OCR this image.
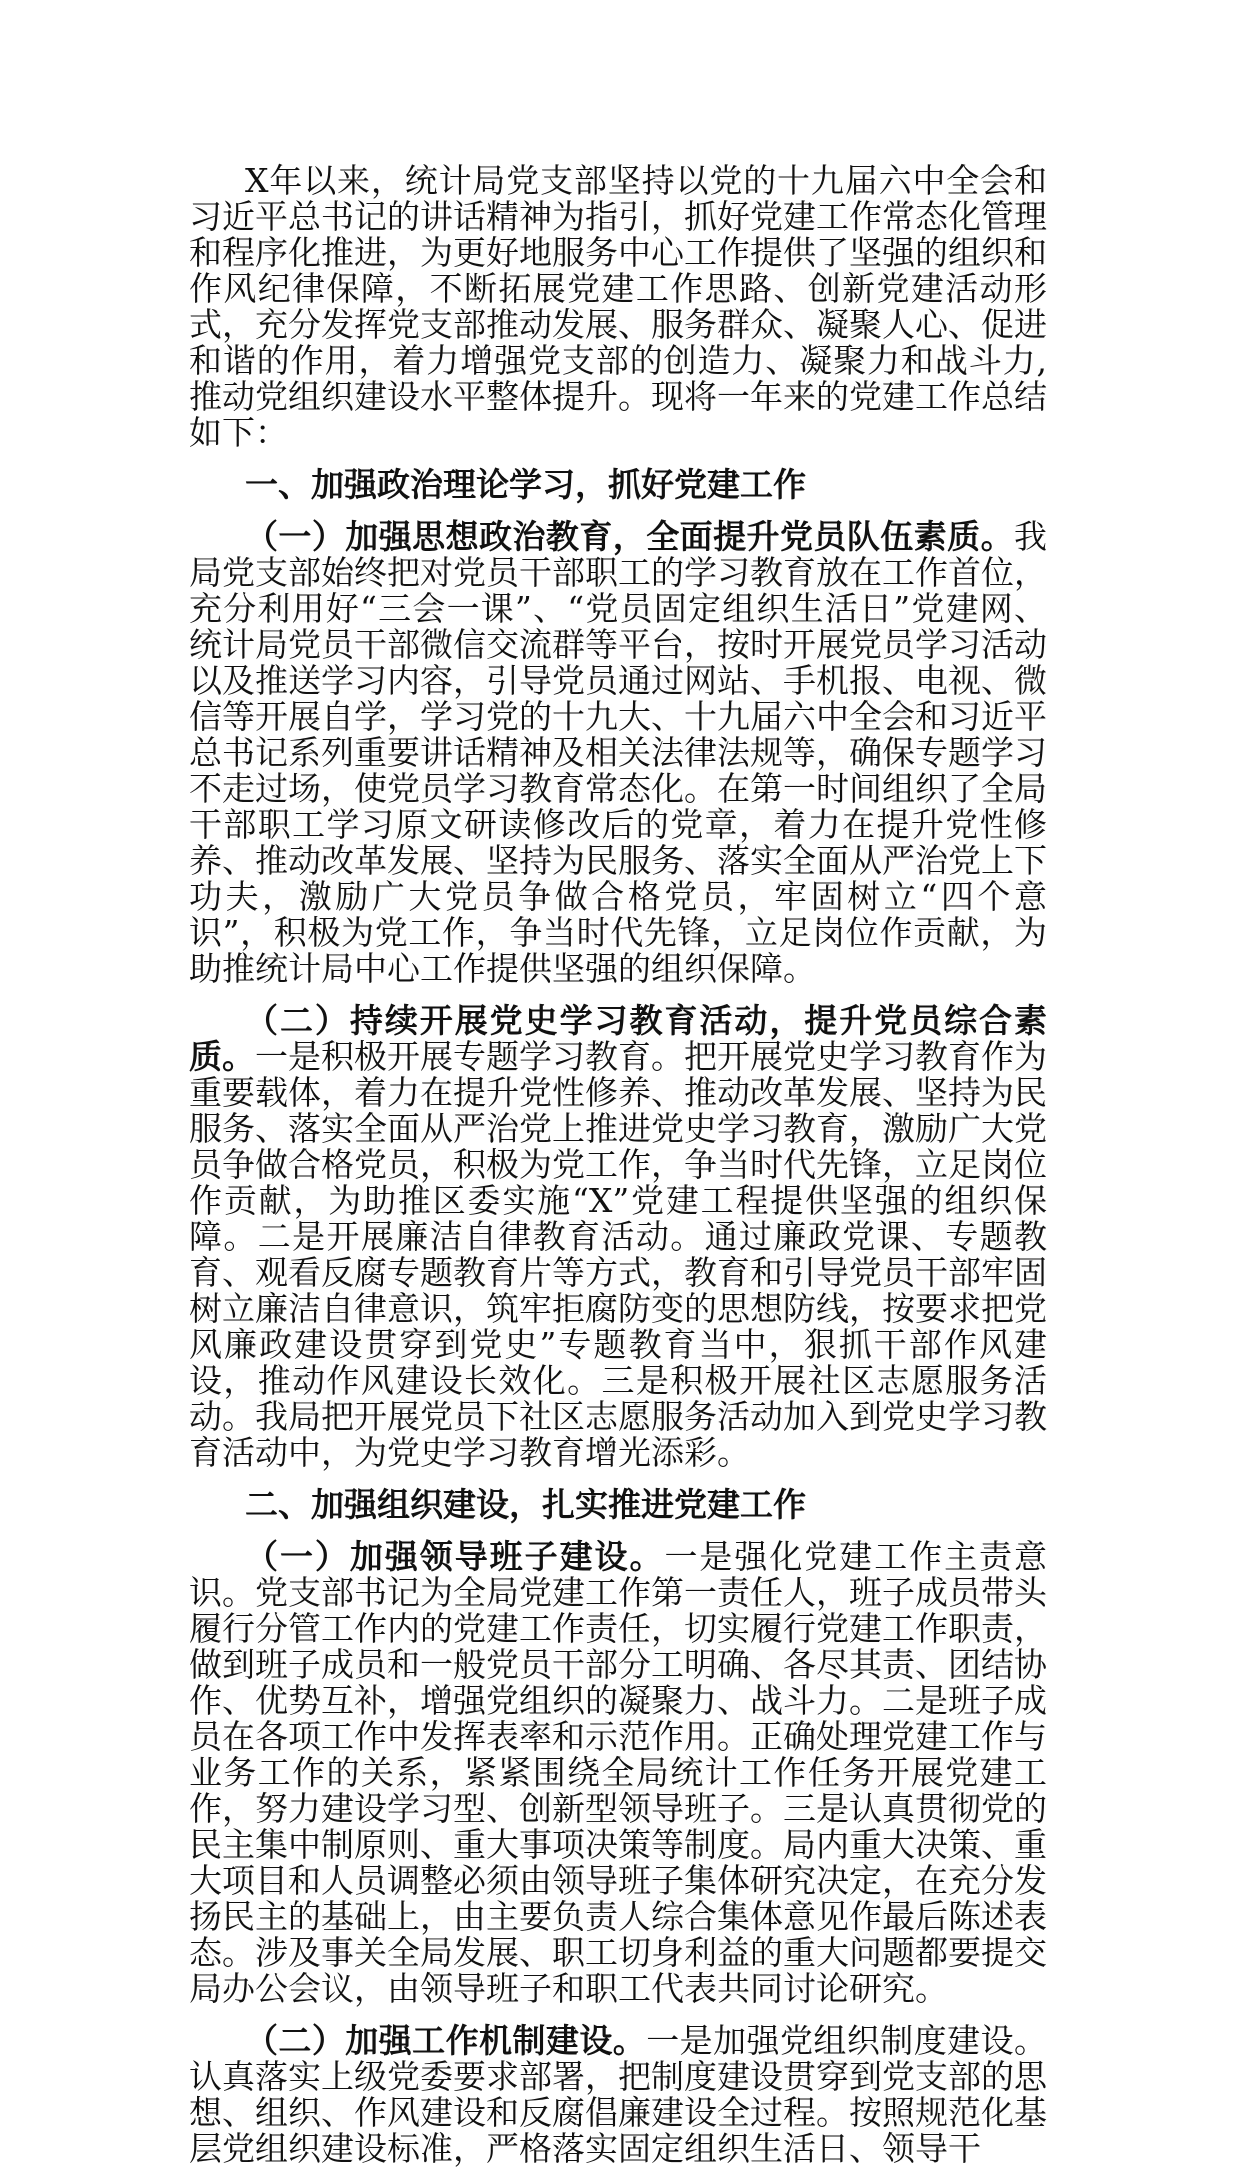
X年以来，统计局党支部坚持以党的十九届六中全会和习近平总书记的讲话精神为指引，抓好党建工作常态化管理和程序化推进，为更好地服务中心工作提供了坚强的组织和作风纪律保障，不断拓展党建工作思路、创新党建活动形式，充分发挥党支部推动发展、服务群众、凝聚人心、促进和谐的作用，着力增强党支部的创造力、凝聚力和战斗力,推动党组织建设水平整体提升。现将一年来的党建工作总结如下：

一、加强政治理论学习，抓好党建工作

（一）加强思想政治教育，全面提升党员队伍素质。我局党支部始终把对党员干部职工的学习教育放在工作首位，充分利用好“三会一课”、“党员固定组织生活日”党建网、统计局党员干部微信交流群等平台，按时开展党员学习活动以及推送学习内容，引导党员通过网站、手机报、电视、微信等开展自学，学习党的十九大、十九届六中全会和习近平总书记系列重要讲话精神及相关法律法规等，确保专题学习不走过场，使党员学习教育常态化。在第一时间组织了全局干部职工学习原文研读修改后的党章，着力在提升党性修养、推动改革发展、坚持为民服务、落实全面从严治党上下功夫，激励广大党员争做合格党员，牢固树立“四个意识”，积极为党工作，争当时代先锋，立足岗位作贡献，为助推统计局中心工作提供坚强的组织保障。

（二）持续开展党史学习教育活动，提升党员综合素质。一是积极开展专题学习教育。把开展党史学习教育作为重要载体，着力在提升党性修养、推动改革发展、坚持为民服务、落实全面从严治党上推进党史学习教育，激励广大党员争做合格党员，积极为党工作，争当时代先锋，立足岗位作贡献，为助推区委实施“X”党建工程提供坚强的组织保障。二是开展廉洁自律教育活动。通过廉政党课、专题教育、观看反腐专题教育片等方式，教育和引导党员干部牢固树立廉洁自律意识，筑牢拒腐防变的思想防线，按要求把党风廉政建设贯穿到党史”专题教育当中，狠抓干部作风建设，推动作风建设长效化。三是积极开展社区志愿服务活动。我局把开展党员下社区志愿服务活动加入到党史学习教育活动中，为党史学习教育增光添彩。

二、加强组织建设，扎实推进党建工作

（一）加强领导班子建设。一是强化党建工作主责意识。党支部书记为全局党建工作第一责任人，班子成员带头履行分管工作内的党建工作责任，切实履行党建工作职责，做到班子成员和一般党员干部分工明确、各尽其责、团结协作、优势互补，增强党组织的凝聚力、战斗力。二是班子成员在各项工作中发挥表率和示范作用。正确处理党建工作与业务工作的关系，紧紧围绕全局统计工作任务开展党建工作，努力建设学习型、创新型领导班子。三是认真贯彻党的民主集中制原则、重大事项决策等制度。局内重大决策、重大项目和人员调整必须由领导班子集体研究决定，在充分发扬民主的基础上，由主要负责人综合集体意见作最后陈述表态。涉及事关全局发展、职工切身利益的重大问题都要提交局办公会议，由领导班子和职工代表共同讨论研究。

（二）加强工作机制建设。一是加强党组织制度建设。认真落实上级党委要求部署，把制度建设贯穿到党支部的思想、组织、作风建设和反腐倡廉建设全过程。按照规范化基层党组织建设标准，严格落实固定组织生活日、领导干
